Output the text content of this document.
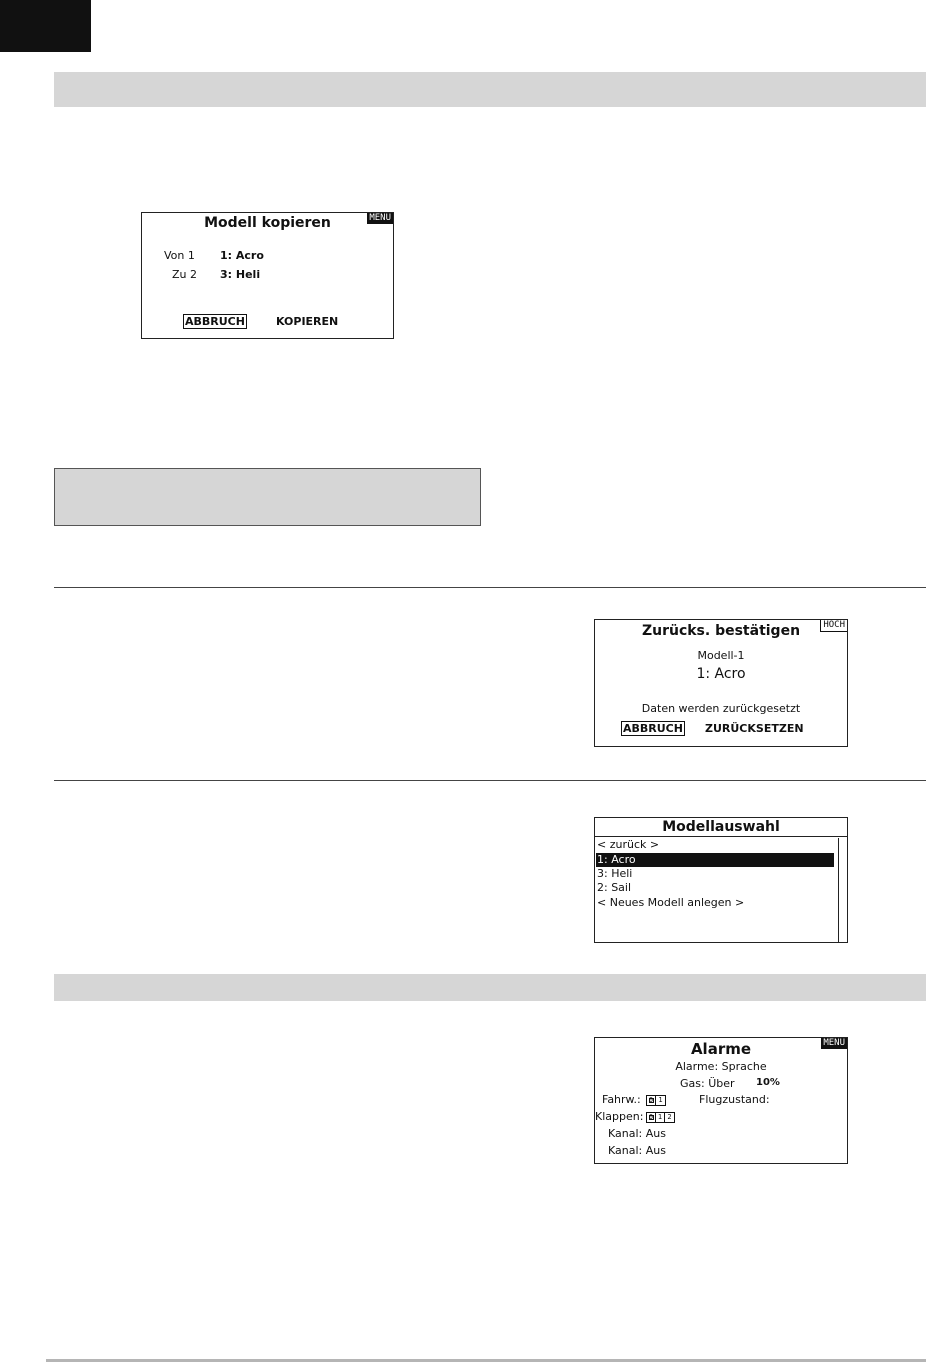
MENU
Modell kopieren
Von 1 1: Acro
Zu 2 3: Heli
ABBRUCH	KOPIEREN
HOCH
Zurücks. bestätigen
Modell-1
1: Acro
Daten werden zurückgesetzt
ABBRUCH ZURÜCKSETZEN
Modellauswahl
< zurück >
1: Acro
3: Heli
2: Sail
< Neues Modell anlegen >
MENU
Alarme
Alarme: Sprache
Gas: Über 10%
Fahrw.:	0 1	Flugzustand:
Klappen: 0 1 2
Kanal: Aus
Kanal: Aus
